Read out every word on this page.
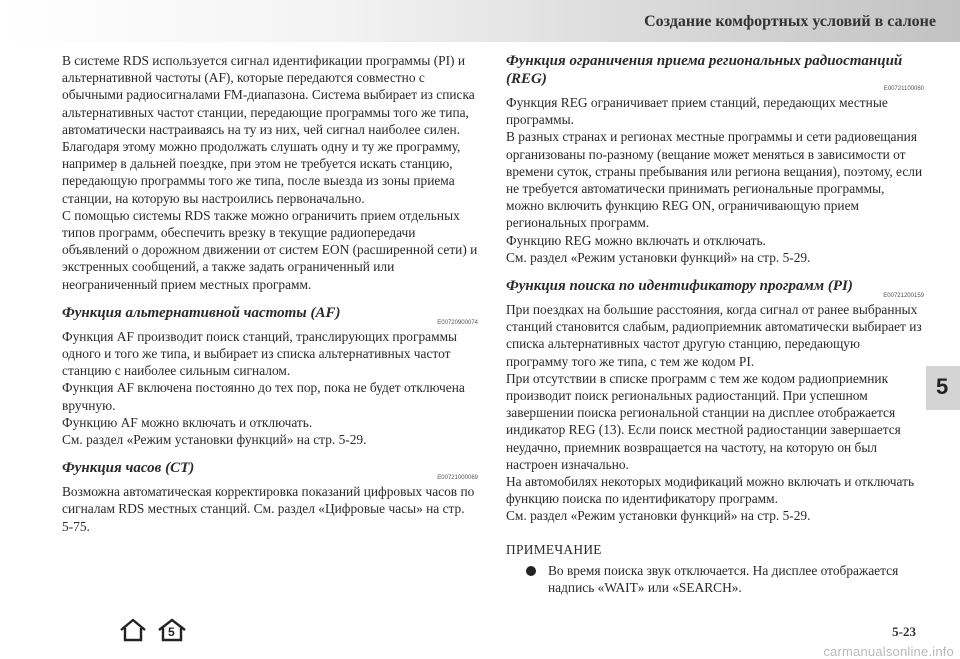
Создание комфортных условий в салоне

В системе RDS используется сигнал идентификации программы (PI) и альтернативной частоты (AF), которые передаются совместно с обычными радиосигналами FM-диапазона. Система выбирает из списка альтернативных частот станции, передающие программы того же типа, автоматически настраиваясь на ту из них, чей сигнал наиболее силен.

Благодаря этому можно продолжать слушать одну и ту же программу, например в дальней поездке, при этом не требуется искать станцию, передающую программы того же типа, после выезда из зоны приема станции, на которую вы настроились первоначально.

С помощью системы RDS также можно ограничить прием отдельных типов программ, обеспечить врезку в текущие радиопередачи объявлений о дорожном движении от систем EON (расширенной сети) и экстренных сообщений, а также задать ограниченный или неограниченный прием местных программ.

Функция альтернативной частоты (AF)
E00720900074

Функция AF производит поиск станций, транслирующих программы одного и того же типа, и выбирает из списка альтернативных частот станцию с наиболее сильным сигналом.

Функция AF включена постоянно до тех пор, пока не будет отключена вручную.

Функцию AF можно включать и отключать.

См. раздел «Режим установки функций» на стр. 5-29.

Функция часов (CT)
E00721000069

Возможна автоматическая корректировка показаний цифровых часов по сигналам RDS местных станций. См. раздел «Цифровые часы» на стр. 5-75.

Функция ограничения приема региональных радиостанций (REG)
E00721100060

Функция REG ограничивает прием станций, передающих местные программы.

В разных странах и регионах местные программы и сети радиовещания организованы по-разному (вещание может меняться в зависимости от времени суток, страны пребывания или региона вещания), поэтому, если не требуется автоматически принимать региональные программы, можно включить функцию REG ON, ограничивающую прием региональных программ.

Функцию REG можно включать и отключать.

См. раздел «Режим установки функций» на стр. 5-29.

Функция поиска по идентификатору программ (PI)
E00721200159

При поездках на большие расстояния, когда сигнал от ранее выбранных станций становится слабым, радиоприемник автоматически выбирает из списка альтернативных частот другую станцию, передающую программу того же типа, с тем же кодом PI.

При отсутствии в списке программ с тем же кодом радиоприемник производит поиск региональных радиостанций. При успешном завершении поиска региональной станции на дисплее отображается индикатор REG (13). Если поиск местной радиостанции завершается неудачно, приемник возвращается на частоту, на которую он был настроен изначально.

На автомобилях некоторых модификаций можно включать и отключать функцию поиска по идентификатору программ.

См. раздел «Режим установки функций» на стр. 5-29.

ПРИМЕЧАНИЕ
Во время поиска звук отключается. На дисплее отображается надпись «WAIT» или «SEARCH».
5
5	5-23
carmanualsonline.info
